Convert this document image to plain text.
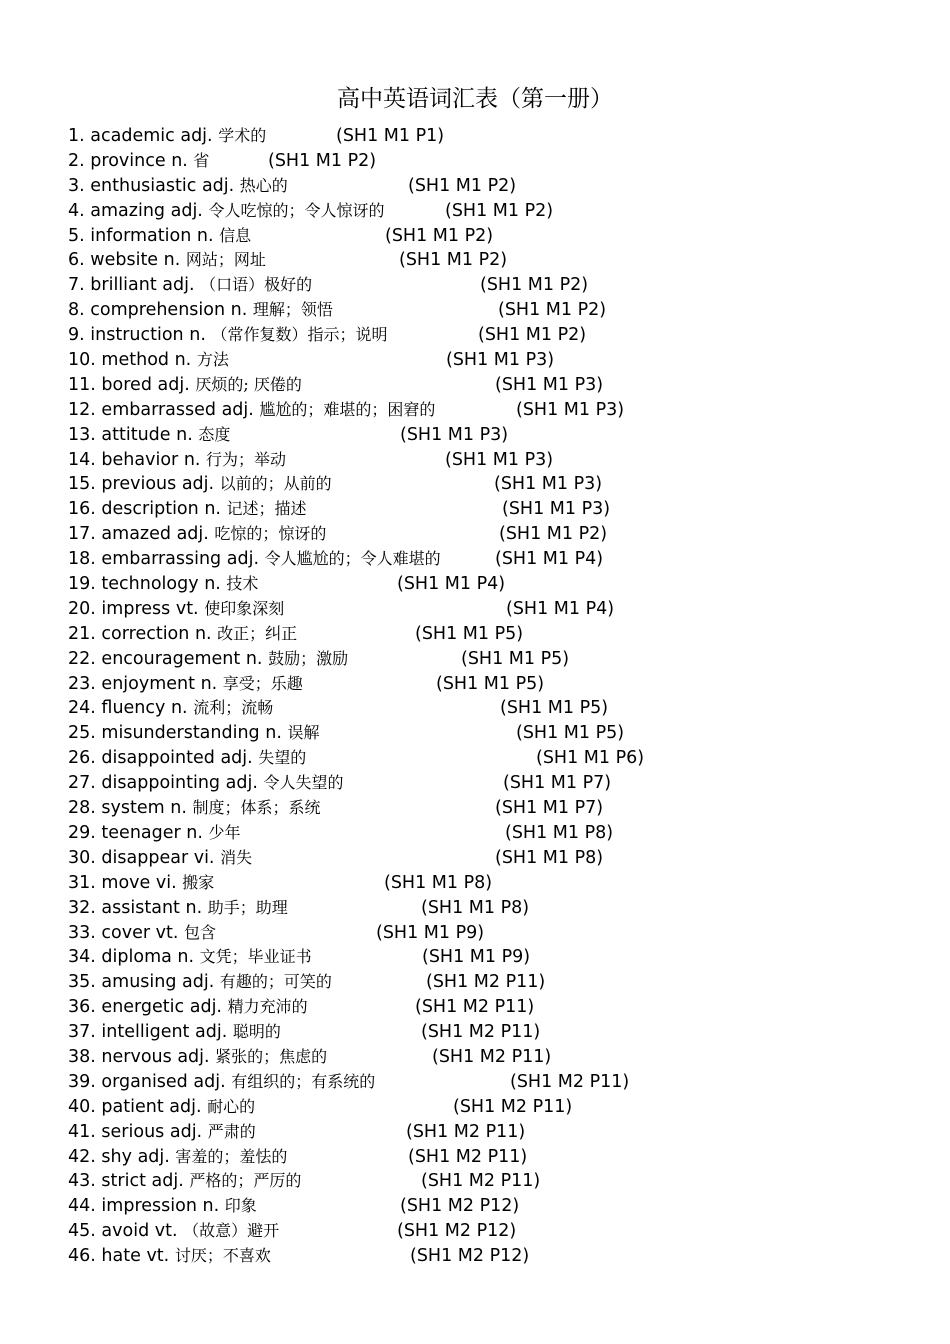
高中英语词汇表（第一册）
1. academic adj. 学术的	(SH1 M1 P1)
2. province n. 省	(SH1 M1 P2)
3. enthusiastic adj. 热心的	(SH1 M1 P2)
4. amazing adj. 令人吃惊的；令人惊讶的	(SH1 M1 P2)
5. information n. 信息	(SH1 M1 P2)
6. website n. 网站；网址	(SH1 M1 P2)
7. brilliant adj. （口语）极好的	(SH1 M1 P2)
8. comprehension n. 理解；领悟	(SH1 M1 P2)
9. instruction n. （常作复数）指示；说明	(SH1 M1 P2)
10. method n. 方法	(SH1 M1 P3)
11. bored adj. 厌烦的; 厌倦的	(SH1 M1 P3)
12. embarrassed adj. 尴尬的；难堪的；困窘的	(SH1 M1 P3)
13. attitude n. 态度	(SH1 M1 P3)
14. behavior n. 行为；举动	(SH1 M1 P3)
15. previous adj. 以前的；从前的	(SH1 M1 P3)
16. description n. 记述；描述	(SH1 M1 P3)
17. amazed adj. 吃惊的；惊讶的	(SH1 M1 P2)
18. embarrassing adj. 令人尴尬的；令人难堪的	(SH1 M1 P4)
19. technology n. 技术	(SH1 M1 P4)
20. impress vt. 使印象深刻	(SH1 M1 P4)
21. correction n. 改正；纠正	(SH1 M1 P5)
22. encouragement n. 鼓励；激励	(SH1 M1 P5)
23. enjoyment n. 享受；乐趣	(SH1 M1 P5)
24. fluency n. 流利；流畅	(SH1 M1 P5)
25. misunderstanding n. 误解	(SH1 M1 P5)
26. disappointed adj. 失望的	(SH1 M1 P6)
27. disappointing adj. 令人失望的	(SH1 M1 P7)
28. system n. 制度；体系；系统	(SH1 M1 P7)
29. teenager n. 少年	(SH1 M1 P8)
30. disappear vi. 消失	(SH1 M1 P8)
31. move vi. 搬家	(SH1 M1 P8)
32. assistant n. 助手；助理	(SH1 M1 P8)
33. cover vt. 包含	(SH1 M1 P9)
34. diploma n. 文凭；毕业证书	(SH1 M1 P9)
35. amusing adj. 有趣的；可笑的	(SH1 M2 P11)
36. energetic adj. 精力充沛的	(SH1 M2 P11)
37. intelligent adj. 聪明的	(SH1 M2 P11)
38. nervous adj. 紧张的；焦虑的	(SH1 M2 P11)
39. organised adj. 有组织的；有系统的	(SH1 M2 P11)
40. patient adj. 耐心的	(SH1 M2 P11)
41. serious adj. 严肃的	(SH1 M2 P11)
42. shy adj. 害羞的；羞怯的	(SH1 M2 P11)
43. strict adj. 严格的；严厉的	(SH1 M2 P11)
44. impression n. 印象	(SH1 M2 P12)
45. avoid vt. （故意）避开	(SH1 M2 P12)
46. hate vt. 讨厌；不喜欢	(SH1 M2 P12)
